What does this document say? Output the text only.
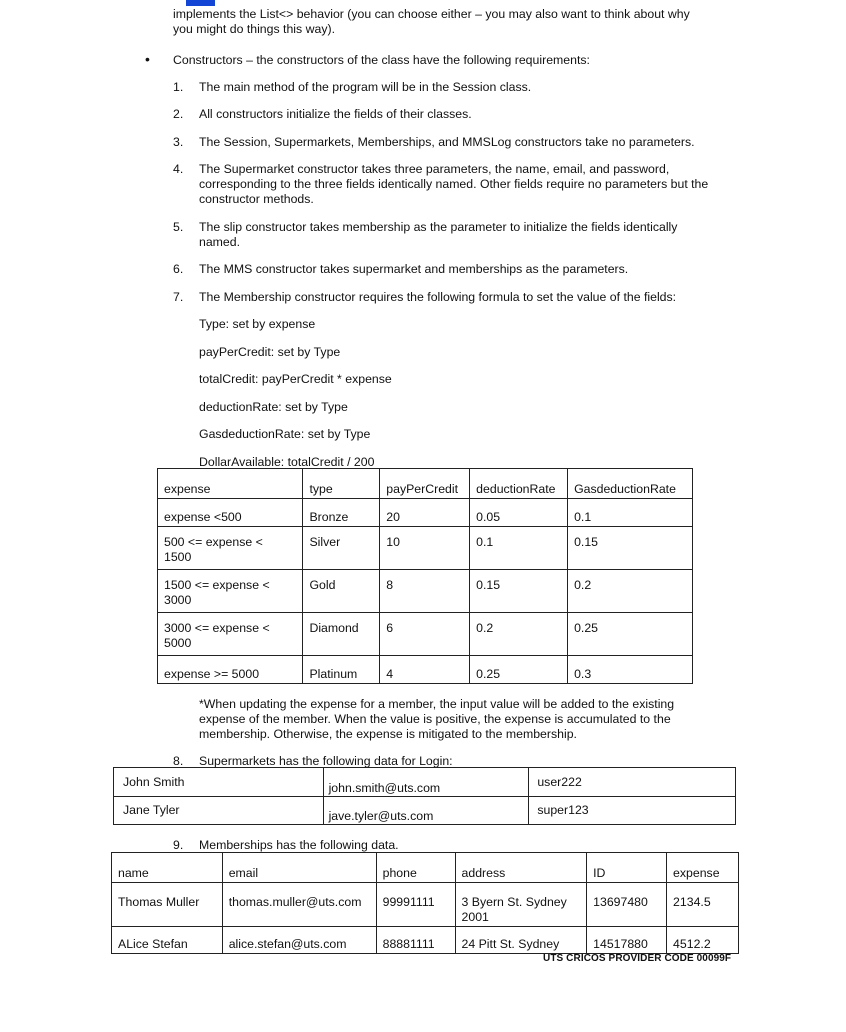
implements the List<> behavior (you can choose either – you may also want to think about why
you might do things this way).
• Constructors – the constructors of the class have the following requirements:
1. The main method of the program will be in the Session class.
2. All constructors initialize the fields of their classes.
3. The Session, Supermarkets, Memberships, and MMSLog constructors take no parameters.
4. The Supermarket constructor takes three parameters, the name, email, and password, corresponding to the three fields identically named. Other fields require no parameters but the constructor methods.
5. The slip constructor takes membership as the parameter to initialize the fields identically named.
6. The MMS constructor takes supermarket and memberships as the parameters.
7. The Membership constructor requires the following formula to set the value of the fields:
Type: set by expense
payPerCredit: set by Type
totalCredit: payPerCredit * expense
deductionRate: set by Type
GasdeductionRate: set by Type
DollarAvailable: totalCredit / 200
expense	type	payPerCredit	deductionRate	GasdeductionRate
expense <500	Bronze	20	0.05	0.1
500 <= expense < 1500	Silver	10	0.1	0.15
1500 <= expense < 3000	Gold	8	0.15	0.2
3000 <= expense < 5000	Diamond	6	0.2	0.25
expense >= 5000	Platinum	4	0.25	0.3
*When updating the expense for a member, the input value will be added to the existing expense of the member. When the value is positive, the expense is accumulated to the membership. Otherwise, the expense is mitigated to the membership.
8. Supermarkets has the following data for Login:
John Smith	john.smith@uts.com	user222
Jane Tyler	jave.tyler@uts.com	super123
9. Memberships has the following data.
name	email	phone	address	ID	expense
Thomas Muller	thomas.muller@uts.com	99991111	3 Byern St. Sydney 2001	13697480	2134.5
ALice Stefan	alice.stefan@uts.com	88881111	24 Pitt St. Sydney	14517880	4512.2
UTS CRICOS PROVIDER CODE 00099F
